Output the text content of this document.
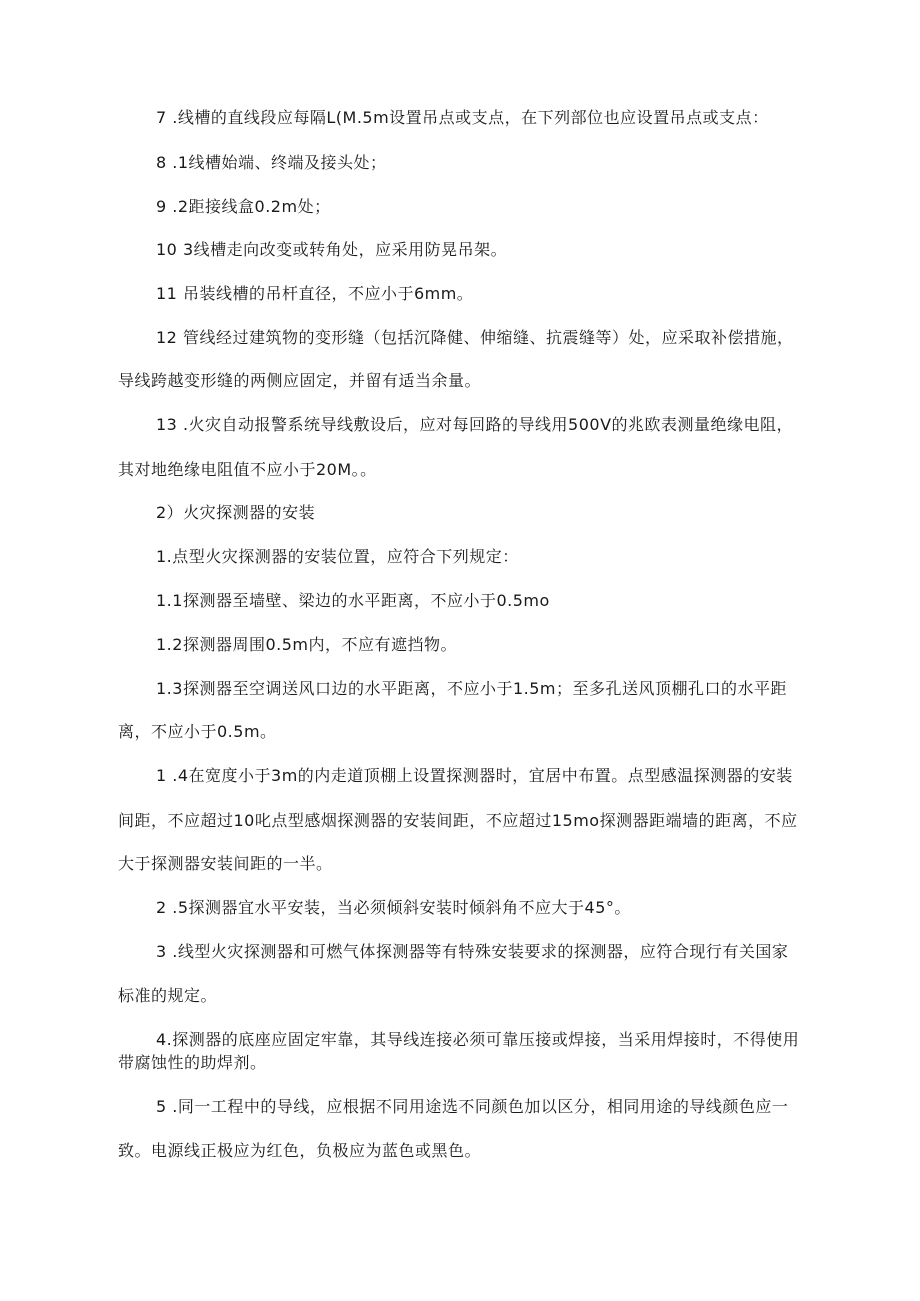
7 .线槽的直线段应每隔L(M.5m设置吊点或支点，在下列部位也应设置吊点或支点：
8 .1线槽始端、终端及接头处；
9 .2距接线盒0.2m处；
10 3线槽走向改变或转角处，应采用防晃吊架。
11 吊装线槽的吊杆直径，不应小于6mm。
12 管线经过建筑物的变形缝（包括沉降健、伸缩缝、抗震缝等）处，应采取补偿措施，
导线跨越变形缝的两侧应固定，并留有适当余量。
13 .火灾自动报警系统导线敷设后，应对每回路的导线用500V的兆欧表测量绝缘电阻，
其对地绝缘电阻值不应小于20M。。
2）火灾探测器的安装
1.点型火灾探测器的安装位置，应符合下列规定：
1.1探测器至墙壁、梁边的水平距离，不应小于0.5mo
1.2探测器周围0.5m内，不应有遮挡物。
1.3探测器至空调送风口边的水平距离，不应小于1.5m；至多孔送风顶棚孔口的水平距
离，不应小于0.5m。
1 .4在宽度小于3m的内走道顶棚上设置探测器时，宜居中布置。点型感温探测器的安装
间距，不应超过10叱点型感烟探测器的安装间距，不应超过15mo探测器距端墙的距离，不应
大于探测器安装间距的一半。
2 .5探测器宜水平安装，当必须倾斜安装时倾斜角不应大于45°。
3 .线型火灾探测器和可燃气体探测器等有特殊安装要求的探测器，应符合现行有关国家
标准的规定。
4.探测器的底座应固定牢靠，其导线连接必须可靠压接或焊接，当采用焊接时，不得使用
带腐蚀性的助焊剂。
5 .同一工程中的导线，应根据不同用途选不同颜色加以区分，相同用途的导线颜色应一
致。电源线正极应为红色，负极应为蓝色或黑色。
